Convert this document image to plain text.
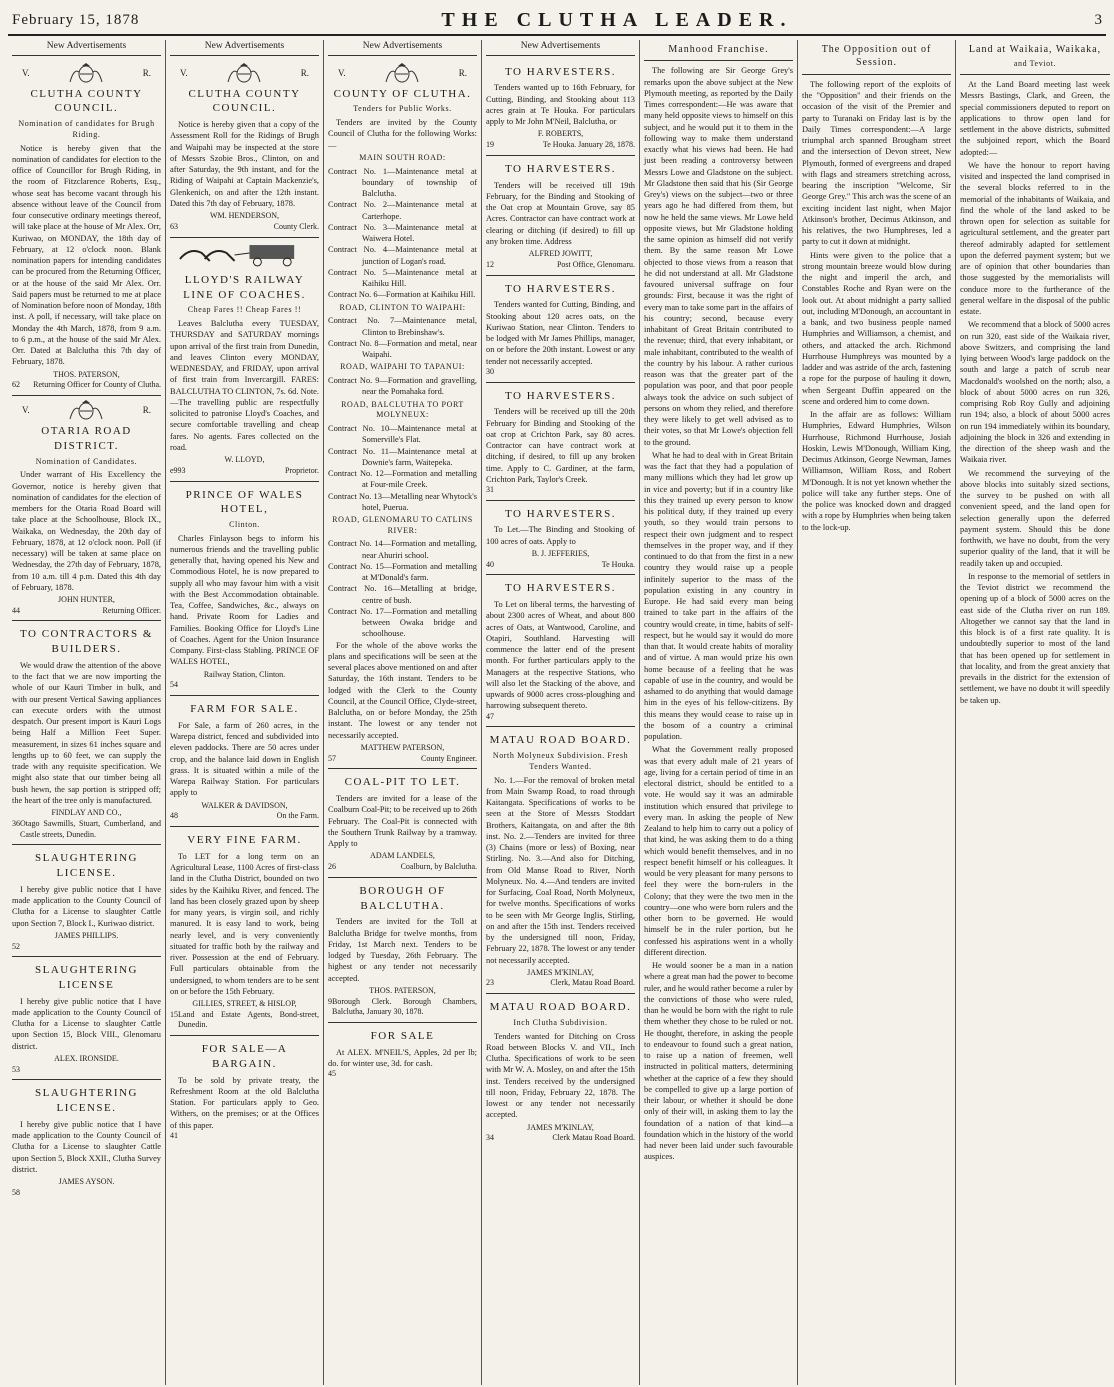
February 15, 1878	THE CLUTHA LEADER.	3
New Advertisements
V.	R.
CLUTHA COUNTY COUNCIL.
Nomination of candidates for Brugh Riding.

Notice is hereby given that the nomination of candidates for election to the office of Councillor for Brugh Riding, in the room of Fitzclarence Roberts, Esq., whose seat has become vacant through his absence without leave of the Council from four consecutive ordinary meetings thereof, will take place at the house of Mr Alex. Orr, Kuriwao, on MONDAY, the 18th day of February, at 12 o'clock noon. Blank nomination papers for intending candidates can be procured from the Returning Officer, or at the house of the said Mr Alex. Orr. Said papers must be returned to me at place of Nomination before noon of Monday, 18th inst. A poll, if necessary, will take place on Monday the 4th March, 1878, from 9 a.m. to 6 p.m., at the house of the said Mr Alex. Orr. Dated at Balclutha this 7th day of February, 1878.

THOS. PATERSON,
62 Returning Officer for County of Clutha.
V.	R.
OTARIA ROAD DISTRICT.
Nomination of Candidates.

Under warrant of His Excellency the Governor, notice is hereby given that nomination of candidates for the election of members for the Otaria Road Board will take place at the Schoolhouse, Block IX., Waikaka, on Wednesday, the 20th day of February, 1878, at 12 o'clock noon. Poll (if necessary) will be taken at same place on Wednesday, the 27th day of February, 1878, from 10 a.m. till 4 p.m. Dated this 4th day of February, 1878.

JOHN HUNTER,
44	Returning Officer.
TO CONTRACTORS & BUILDERS.

We would draw the attention of the above to the fact that we are now importing the whole of our Kauri Timber in bulk, and with our present Vertical Sawing appliances can execute orders with the utmost despatch. Our present import is Kauri Logs being Half a Million Feet Super. measurement, in sizes 61 inches square and lengths up to 60 feet, we can supply the trade with any requisite specification. We might also state that our timber being all bush hewn, the sap portion is stripped off; the heart of the tree only is manufactured.

FINDLAY AND CO.,
36 Otago Sawmills, Stuart, Cumberland, and Castle streets, Dunedin.
SLAUGHTERING LICENSE.

I hereby give public notice that I have made application to the County Council of Clutha for a License to slaughter Cattle upon Section 7, Block I., Kuriwao district.

JAMES PHILLIPS.
52
SLAUGHTERING LICENSE

I hereby give public notice that I have made application to the County Council of Clutha for a License to slaughter Cattle upon Section 15, Block VIII., Glenomaru district.

ALEX. IRONSIDE.
53
SLAUGHTERING LICENSE.

I hereby give public notice that I have made application to the County Council of Clutha for a License to slaughter Cattle upon Section 5, Block XXII., Clutha Survey district.

JAMES AYSON.
58
New Advertisements
V.	R.
CLUTHA COUNTY COUNCIL.

Notice is hereby given that a copy of the Assessment Roll for the Ridings of Brugh and Waipahi may be inspected at the store of Messrs Szobie Bros., Clinton, on and after Saturday, the 9th instant, and for the Riding of Waipahi at Captain Mackenzie's, Glenkenich, on and after the 12th instant. Dated this 7th day of February, 1878.

WM. HENDERSON,
63	County Clerk.
LLOYD'S RAILWAY LINE OF COACHES.
Cheap Fares !! Cheap Fares !!

Leaves Balclutha every TUESDAY, THURSDAY and SATURDAY mornings upon arrival of the first train from Dunedin, and leaves Clinton every MONDAY, WEDNESDAY, and FRIDAY, upon arrival of first train from Invercargill. FARES: BALCLUTHA TO CLINTON, 7s. 6d. Note.—The travelling public are respectfully solicited to patronise Lloyd's Coaches, and secure comfortable travelling and cheap fares. No agents. Fares collected on the road.

W. LLOYD,
e993	Proprietor.
PRINCE OF WALES HOTEL,
Clinton.

Charles Finlayson begs to inform his numerous friends and the travelling public generally that, having opened his New and Commodious Hotel, he is now prepared to supply all who may favour him with a visit with the Best Accommodation obtainable. Tea, Coffee, Sandwiches, &c., always on hand. Private Room for Ladies and Families. Booking Office for Lloyd's Line of Coaches. Agent for the Union Insurance Company. First-class Stabling. PRINCE OF WALES HOTEL,

Railway Station, Clinton.
54
FARM FOR SALE.

For Sale, a farm of 260 acres, in the Warepa district, fenced and subdivided into eleven paddocks. There are 50 acres under crop, and the balance laid down in English grass. It is situated within a mile of the Warepa Railway Station. For particulars apply to

WALKER & DAVIDSON,
48	On the Farm.
VERY FINE FARM.

To LET for a long term on an Agricultural Lease, 1100 Acres of first-class land in the Clutha District, bounded on two sides by the Kaihiku River, and fenced. The land has been closely grazed upon by sheep for many years, is virgin soil, and richly manured. It is easy land to work, being nearly level, and is very conveniently situated for traffic both by the railway and river. Possession at the end of February. Full particulars obtainable from the undersigned, to whom tenders are to be sent on or before the 15th February.

GILLIES, STREET, & HISLOP,
15 Land and Estate Agents, Bond-street, Dunedin.
FOR SALE—A BARGAIN.

To be sold by private treaty, the Refreshment Room at the old Balclutha Station. For particulars apply to Geo. Withers, on the premises; or at the Offices of this paper.

41
New Advertisements
V.	R.
COUNTY OF CLUTHA.
Tenders for Public Works.

Tenders are invited by the County Council of Clutha for the following Works:—

MAIN SOUTH ROAD:

Contract No. 1—Maintenance metal at boundary of township of Balclutha.

Contract No. 2—Maintenance metal at Carterhope.

Contract No. 3—Maintenance metal at Waiwera Hotel.

Contract No. 4—Maintenance metal at junction of Logan's road.

Contract No. 5—Maintenance metal at Kaihiku Hill.

Contract No. 6—Formation at Kaihiku Hill.

ROAD, CLINTON TO WAIPAHI:

Contract No. 7—Maintenance metal, Clinton to Brebinshaw's.

Contract No. 8—Formation and metal, near Waipahi.

ROAD, WAIPAHI TO TAPANUI:

Contract No. 9—Formation and gravelling, near the Pomahaka ford.

ROAD, BALCLUTHA TO PORT MOLYNEUX:

Contract No. 10—Maintenance metal at Somerville's Flat.

Contract No. 11—Maintenance metal at Downie's farm, Waitepeka.

Contract No. 12—Formation and metalling at Four-mile Creek.

Contract No. 13—Metalling near Whytock's hotel, Puerua.

ROAD, GLENOMARU TO CATLINS RIVER:

Contract No. 14—Formation and metalling, near Ahuriri school.

Contract No. 15—Formation and metalling at M'Donald's farm.

Contract No. 16—Metalling at bridge, centre of bush.

Contract No. 17—Formation and metalling between Owaka bridge and schoolhouse.

For the whole of the above works the plans and specifications will be seen at the several places above mentioned on and after Saturday, the 16th instant. Tenders to be lodged with the Clerk to the County Council, at the Council Office, Clyde-street, Balclutha, on or before Monday, the 25th instant. The lowest or any tender not necessarily accepted.

MATTHEW PATERSON,
57	County Engineer.
COAL-PIT TO LET.

Tenders are invited for a lease of the Coalburn Coal-Pit; to be received up to 26th February. The Coal-Pit is connected with the Southern Trunk Railway by a tramway. Apply to

ADAM LANDELS,
26	Coalburn, by Balclutha.
BOROUGH OF BALCLUTHA.

Tenders are invited for the Toll at Balclutha Bridge for twelve months, from Friday, 1st March next. Tenders to be lodged by Tuesday, 26th February. The highest or any tender not necessarily accepted.

THOS. PATERSON,
9 Borough Clerk. Borough Chambers, Balclutha, January 30, 1878.
FOR SALE

At ALEX. M'NEIL'S, Apples, 2d per lb; do. for winter use, 3d. for cash.

45
New Advertisements
TO HARVESTERS.

Tenders wanted up to 16th February, for Cutting, Binding, and Stooking about 113 acres grain at Te Houka. For particulars apply to Mr John M'Neil, Balclutha, or

F. ROBERTS,
19	Te Houka. January 28, 1878.
TO HARVESTERS.

Tenders will be received till 19th February, for the Binding and Stooking of the Oat crop at Mountain Grove, say 85 Acres. Contractor can have contract work at clearing or ditching (if desired) to fill up any broken time. Address

ALFRED JOWITT,
12	Post Office, Glenomaru.
TO HARVESTERS.

Tenders wanted for Cutting, Binding, and Stooking about 120 acres oats, on the Kuriwao Station, near Clinton. Tenders to be lodged with Mr James Phillips, manager, on or before the 20th instant. Lowest or any tender not necessarily accepted.

30
TO HARVESTERS.

Tenders will be received up till the 20th February for Binding and Stooking of the oat crop at Crichton Park, say 80 acres. Contractor can have contract work at ditching, if desired, to fill up any broken time. Apply to C. Gardiner, at the farm, Crichton Park, Taylor's Creek.

31
TO HARVESTERS.

To Let.—The Binding and Stooking of 100 acres of oats. Apply to

B. J. JEFFERIES,
40	Te Houka.
TO HARVESTERS.

To Let on liberal terms, the harvesting of about 2300 acres of Wheat, and about 800 acres of Oats, at Wantwood, Caroline, and Otapiri, Southland. Harvesting will commence the latter end of the present month. For further particulars apply to the Managers at the respective Stations, who will also let the Stacking of the above, and upwards of 9000 acres cross-ploughing and harrowing subsequent thereto.

47
MATAU ROAD BOARD.
North Molyneux Subdivision. Fresh Tenders Wanted.

No. 1.—For the removal of broken metal from Main Swamp Road, to road through Kaitangata. Specifications of works to be seen at the Store of Messrs Stoddart Brothers, Kaitangata, on and after the 8th inst. No. 2.—Tenders are invited for three (3) Chains (more or less) of Boxing, near Stirling. No. 3.—And also for Ditching, from Old Manse Road to River, North Molyneux. No. 4.—And tenders are invited for Surfacing, Coal Road, North Molyneux, for twelve months. Specifications of works to be seen with Mr George Inglis, Stirling, on and after the 15th inst. Tenders received by the undersigned till noon, Friday, February 22, 1878. The lowest or any tender not necessarily accepted.

JAMES M'KINLAY,
23	Clerk, Matau Road Board.
MATAU ROAD BOARD.
Inch Clutha Subdivision.

Tenders wanted for Ditching on Cross Road between Blocks V. and VII., Inch Clutha. Specifications of work to be seen with Mr W. A. Mosley, on and after the 15th inst. Tenders received by the undersigned till noon, Friday, February 22, 1878. The lowest or any tender not necessarily accepted.

JAMES M'KINLAY,
34	Clerk Matau Road Board.
Manhood Franchise.

The following are Sir George Grey's remarks upon the above subject at the New Plymouth meeting, as reported by the Daily Times correspondent:—He was aware that many held opposite views to himself on this subject, and he would put it to them in the following way to make them understand exactly what his views had been. He had just been reading a controversy between Messrs Lowe and Gladstone on the subject. Mr Gladstone then said that his (Sir George Grey's) views on the subject—two or three years ago he had differed from them, but now he held the same views. Mr Lowe held opposite views, but Mr Gladstone holding the same opinion as himself did not verify them. By the same reason Mr Lowe objected to those views from a reason that he did not understand at all. Mr Gladstone favoured universal suffrage on four grounds: First, because it was the right of every man to take some part in the affairs of his country; second, because every inhabitant of Great Britain contributed to the revenue; third, that every inhabitant, or male inhabitant, contributed to the wealth of the country by his labour. A rather curious reason was that the greater part of the population was poor, and that poor people always took the advice on such subject of persons on whom they relied, and therefore they were likely to get well advised as to their votes, so that Mr Lowe's objection fell to the ground.

What he had to deal with in Great Britain was the fact that they had a population of many millions which they had let grow up in vice and poverty; but if in a country like this they trained up every person to know his political duty, if they trained up every youth, so they would train persons to respect their own judgment and to respect themselves in the proper way, and if they continued to do that from the first in a new country they would raise up a people infinitely superior to the mass of the population existing in any country in Europe. He had said every man being trained to take part in the affairs of the country would create, in time, habits of self-respect, but he would say it would do more than that. It would create habits of morality and of virtue. A man would prize his own home because of a feeling that he was capable of use in the country, and would be ashamed to do anything that would damage him in the eyes of his fellow-citizens. By this means they would cease to raise up in the bosom of a country a criminal population.

What the Government really proposed was that every adult male of 21 years of age, living for a certain period of time in an electoral district, should be entitled to a vote. He would say it was an admirable institution which ensured that privilege to every man. In asking the people of New Zealand to help him to carry out a policy of that kind, he was asking them to do a thing which would benefit themselves, and in no respect benefit himself or his colleagues. It would be very pleasant for many persons to feel they were the born-rulers in the Colony; that they were the two men in the country—one who were born rulers and the other born to be governed. He would himself be in the ruler portion, but he confessed his aspirations went in a wholly different direction.

He would sooner be a man in a nation where a great man had the power to become ruler, and he would rather become a ruler by the convictions of those who were ruled, than he would be born with the right to rule them whether they chose to be ruled or not. He thought, therefore, in asking the people to endeavour to found such a great nation, to raise up a nation of freemen, well instructed in political matters, determining whether at the caprice of a few they should be compelled to give up a large portion of their labour, or whether it should be done only of their will, in asking them to lay the foundation of a nation of that kind—a foundation which in the history of the world had never been laid under such favourable auspices.

The Opposition out of Session.

The following report of the exploits of the "Opposition" and their friends on the occasion of the visit of the Premier and party to Turanaki on Friday last is by the Daily Times correspondent:—A large triumphal arch spanned Brougham street and the intersection of Devon street, New Plymouth, formed of evergreens and draped with flags and streamers stretching across, bearing the inscription "Welcome, Sir George Grey." This arch was the scene of an exciting incident last night, when Major Atkinson's brother, Decimus Atkinson, and his relatives, the two Humphreses, led a party to cut it down at midnight.

Hints were given to the police that a strong mountain breeze would blow during the night and imperil the arch, and Constables Roche and Ryan were on the look out. At about midnight a party sallied out, including M'Donough, an accountant in a bank, and two business people named Humphries and Williamson, a chemist, and others, and attacked the arch. Richmond Hurrhouse Humphreys was mounted by a ladder and was astride of the arch, fastening a rope for the purpose of hauling it down, when Sergeant Duffin appeared on the scene and ordered him to come down.

In the affair are as follows: William Humphries, Edward Humphries, Wilson Hurrhouse, Richmond Hurrhouse, Josiah Hoskin, Lewis M'Donough, William King, Decimus Atkinson, George Newman, James Williamson, William Ross, and Robert M'Donough. It is not yet known whether the police will take any further steps. One of the police was knocked down and dragged with a rope by Humphries when being taken to the lock-up.

Land at Waikaia, Waikaka,
and Teviot.

At the Land Board meeting last week Messrs Bastings, Clark, and Green, the special commissioners deputed to report on applications to throw open land for settlement in the above districts, submitted the subjoined report, which the Board adopted:—

We have the honour to report having visited and inspected the land comprised in the several blocks referred to in the memorial of the inhabitants of Waikaia, and find the whole of the land asked to be thrown open for selection as suitable for agricultural settlement, and the greater part thereof admirably adapted for settlement upon the deferred payment system; but we are of opinion that other boundaries than those suggested by the memorialists will conduce more to the furtherance of the general welfare in the disposal of the public estate.

We recommend that a block of 5000 acres on run 320, east side of the Waikaia river, above Switzers, and comprising the land lying between Wood's large paddock on the south and large a patch of scrub near Macdonald's woolshed on the north; also, a block of about 5000 acres on run 326, comprising Rob Roy Gully and adjoining run 194; also, a block of about 5000 acres on run 194 immediately within its boundary, adjoining the block in 326 and extending in the direction of the sheep wash and the Waikaia river.

We recommend the surveying of the above blocks into suitably sized sections, the survey to be pushed on with all convenient speed, and the land open for selection generally upon the deferred payment system. Should this be done forthwith, we have no doubt, from the very superior quality of the land, that it will be readily taken up and occupied.

In response to the memorial of settlers in the Teviot district we recommend the opening up of a block of 5000 acres on the east side of the Clutha river on run 189. Altogether we cannot say that the land in this block is of a first rate quality. It is undoubtedly superior to most of the land that has been opened up for settlement in that locality, and from the great anxiety that prevails in the district for the extension of settlement, we have no doubt it will speedily be taken up.
